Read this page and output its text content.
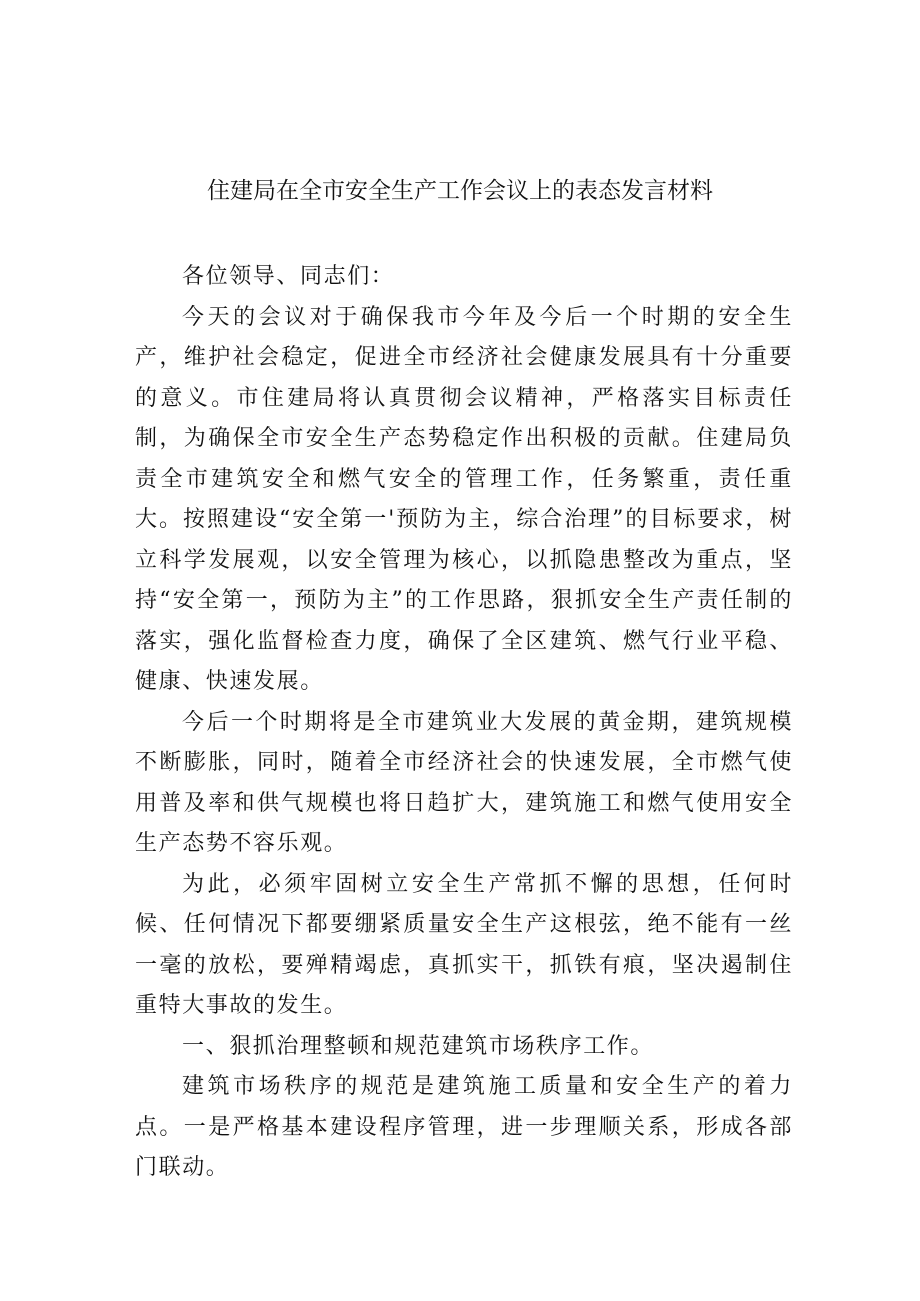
住建局在全市安全生产工作会议上的表态发言材料

各位领导、同志们：

今天的会议对于确保我市今年及今后一个时期的安全生产，维护社会稳定，促进全市经济社会健康发展具有十分重要的意义。市住建局将认真贯彻会议精神，严格落实目标责任制，为确保全市安全生产态势稳定作出积极的贡献。住建局负责全市建筑安全和燃气安全的管理工作，任务繁重，责任重大。按照建设“安全第一'预防为主，综合治理”的目标要求，树立科学发展观，以安全管理为核心，以抓隐患整改为重点，坚持“安全第一，预防为主”的工作思路，狠抓安全生产责任制的落实，强化监督检查力度，确保了全区建筑、燃气行业平稳、健康、快速发展。

今后一个时期将是全市建筑业大发展的黄金期，建筑规模不断膨胀，同时，随着全市经济社会的快速发展，全市燃气使用普及率和供气规模也将日趋扩大，建筑施工和燃气使用安全生产态势不容乐观。

为此，必须牢固树立安全生产常抓不懈的思想，任何时候、任何情况下都要绷紧质量安全生产这根弦，绝不能有一丝一毫的放松，要殚精竭虑，真抓实干，抓铁有痕，坚决遏制住重特大事故的发生。

一、狠抓治理整顿和规范建筑市场秩序工作。

建筑市场秩序的规范是建筑施工质量和安全生产的着力点。一是严格基本建设程序管理，进一步理顺关系，形成各部门联动。
